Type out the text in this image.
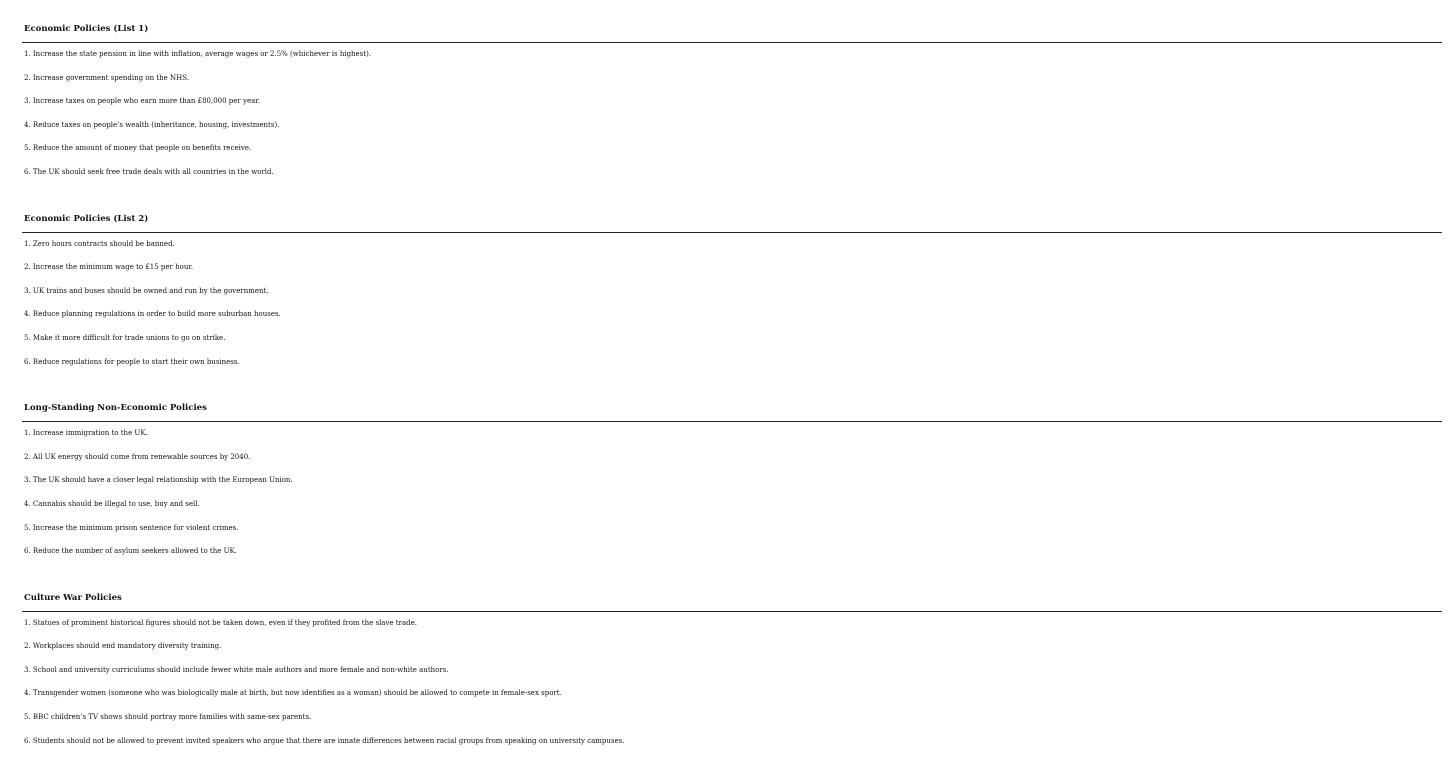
Economic Policies (List 1)
1 . Increase the state pension in line with inflation, average wages or 2.5% (whichever is highest).
2 . Increase government spending on the NHS.
3 . Increase taxes on people who earn more than £80,000 per year.
4 . Reduce taxes on people’s wealth (inheritance, housing, investments).
5 . Reduce the amount of money that people on benefits receive.
6 . The UK should seek free trade deals with all countries in the world.
Economic Policies (List 2)
1 . Zero hours contracts should be banned.
2 . Increase the minimum wage to £15 per hour.
3 . UK trains and buses should be owned and run by the government.
4 . Reduce planning regulations in order to build more suburban houses.
5 . Make it more difficult for trade unions to go on strike.
6 . Reduce regulations for people to start their own business.
Long-Standing Non-Economic Policies
1 . Increase immigration to the UK.
2 . All UK energy should come from renewable sources by 2040.
3 . The UK should have a closer legal relationship with the European Union.
4 . Cannabis should be illegal to use, buy and sell.
5 . Increase the minimum prison sentence for violent crimes.
6 . Reduce the number of asylum seekers allowed to the UK.
Culture War Policies
1 . Statues of prominent historical figures should not be taken down, even if they profited from the slave trade.
2 . Workplaces should end mandatory diversity training.
3 . School and university curriculums should include fewer white male authors and more female and non-white authors.
4 . Transgender women (someone who was biologically male at birth, but now identifies as a woman) should be allowed to compete in female-sex sport.
5 . BBC children’s TV shows should portray more families with same-sex parents.
6 . Students should not be allowed to prevent invited speakers who argue that there are innate differences between racial groups from speaking on university campuses.
